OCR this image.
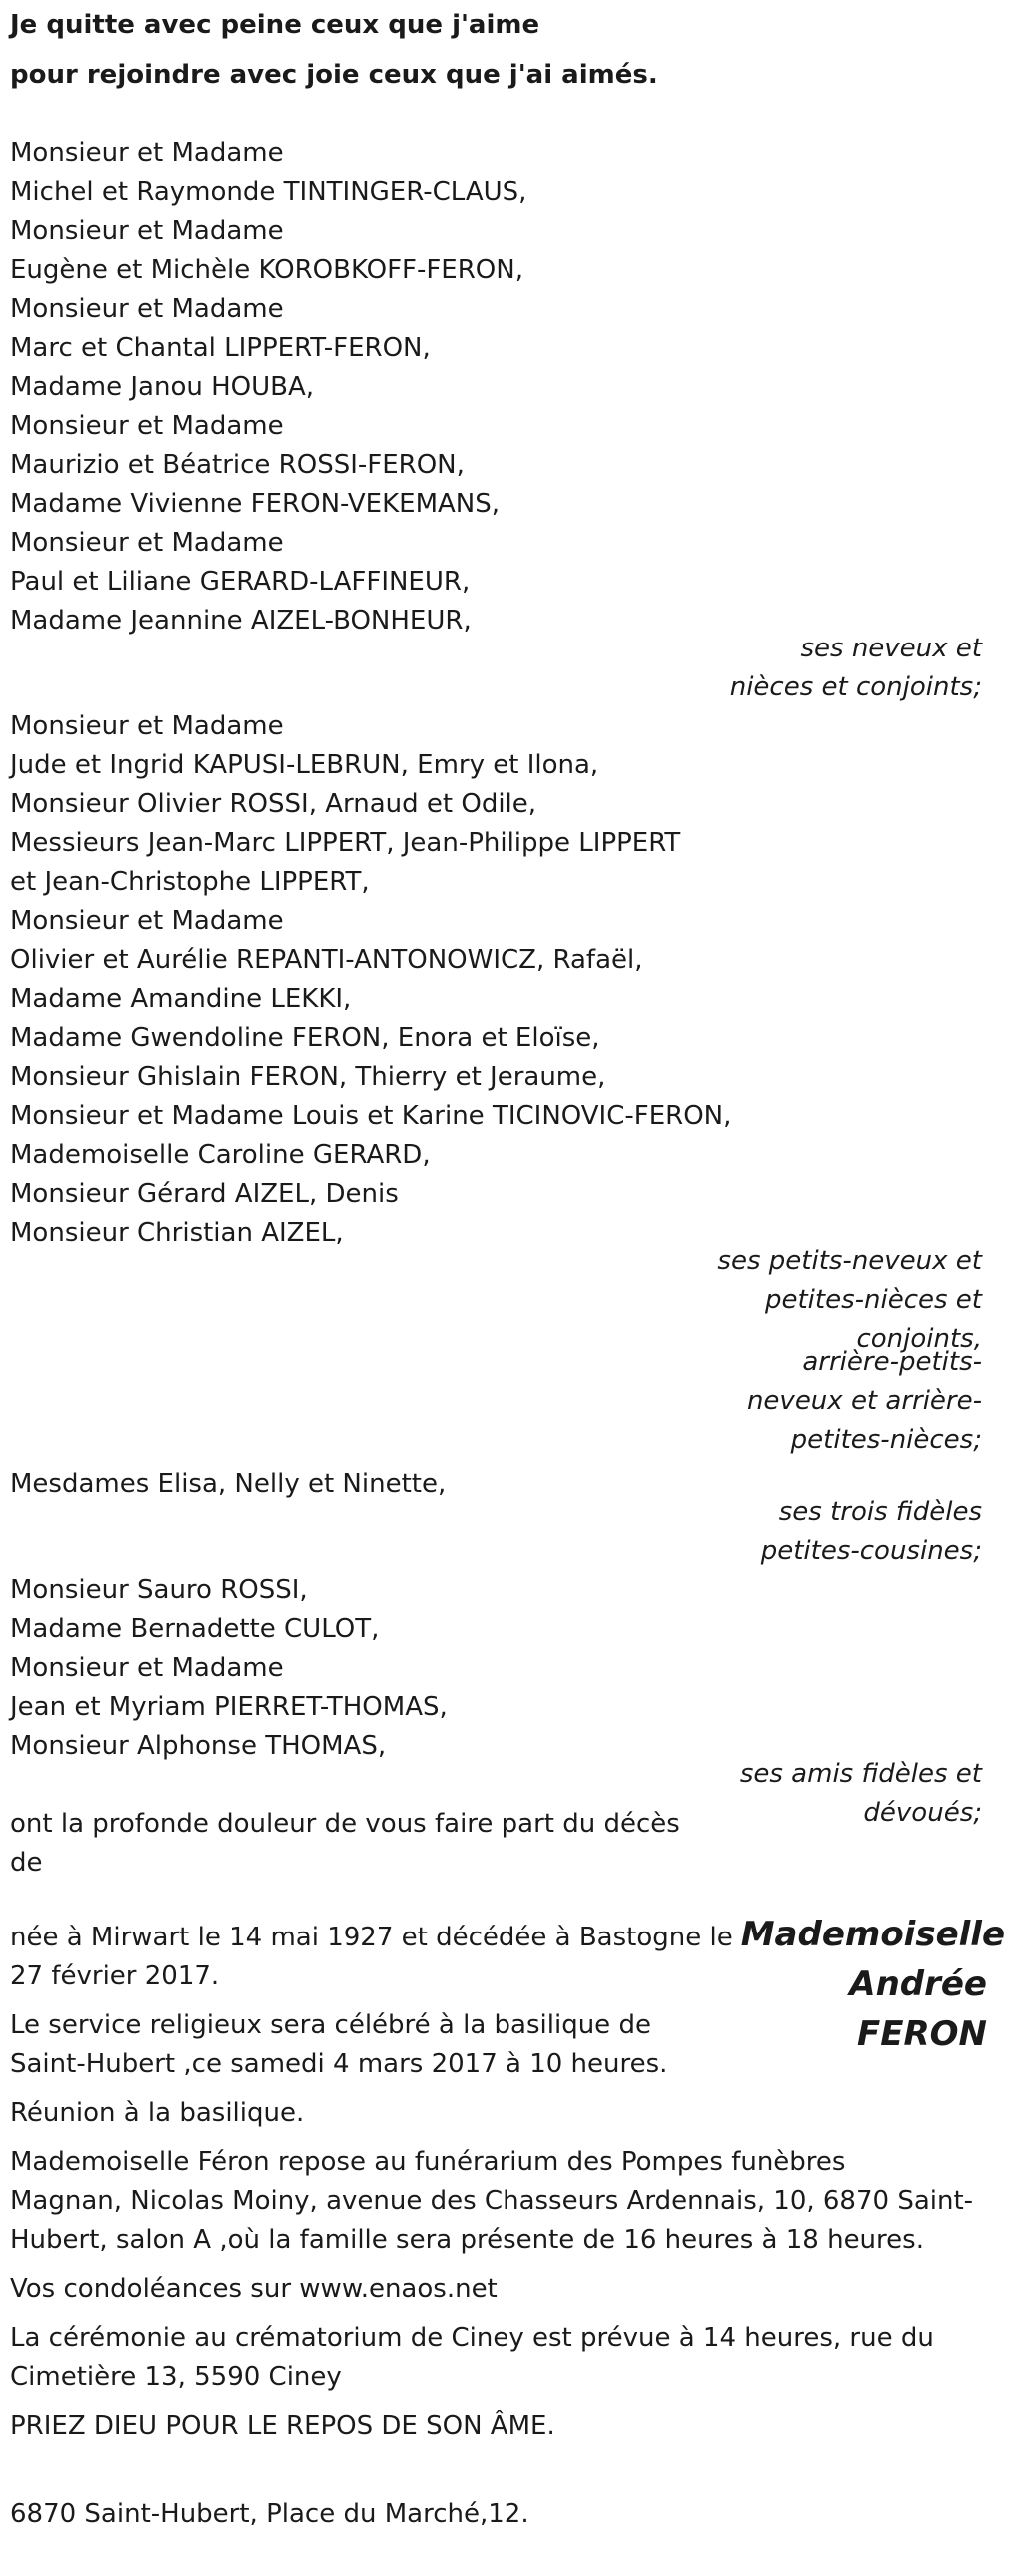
Je quitte avec peine ceux que j'aime
pour rejoindre avec joie ceux que j'ai aimés.
Monsieur et Madame
Michel et Raymonde TINTINGER-CLAUS,
Monsieur et Madame
Eugène et Michèle KOROBKOFF-FERON,
Monsieur et Madame
Marc et Chantal LIPPERT-FERON,
Madame Janou HOUBA,
Monsieur et Madame
Maurizio et Béatrice ROSSI-FERON,
Madame Vivienne FERON-VEKEMANS,
Monsieur et Madame
Paul et Liliane GERARD-LAFFINEUR,
Madame Jeannine AIZEL-BONHEUR,
ses neveux et
nièces et conjoints;
Monsieur et Madame
Jude et Ingrid KAPUSI-LEBRUN, Emry et Ilona,
Monsieur Olivier ROSSI, Arnaud et Odile,
Messieurs Jean-Marc LIPPERT, Jean-Philippe LIPPERT
et Jean-Christophe LIPPERT,
Monsieur et Madame
Olivier et Aurélie REPANTI-ANTONOWICZ, Rafaël,
Madame Amandine LEKKI,
Madame Gwendoline FERON, Enora et Eloïse,
Monsieur Ghislain FERON, Thierry et Jeraume,
Monsieur et Madame Louis et Karine TICINOVIC-FERON,
Mademoiselle Caroline GERARD,
Monsieur Gérard AIZEL, Denis
Monsieur Christian AIZEL,
ses petits-neveux et
petites-nièces et
conjoints,
arrière-petits-
neveux et arrière-
petites-nièces;
Mesdames Elisa, Nelly et Ninette,
ses trois fidèles
petites-cousines;
Monsieur Sauro ROSSI,
Madame Bernadette CULOT,
Monsieur et Madame
Jean et Myriam PIERRET-THOMAS,
Monsieur Alphonse THOMAS,
ses amis fidèles et
dévoués;
ont la profonde douleur de vous faire part du décès
de
Mademoiselle
Andrée
FERON
née à Mirwart le 14 mai 1927 et décédée à Bastogne le
27 février 2017.
Le service religieux sera célébré à la basilique de
Saint-Hubert ,ce samedi 4 mars 2017 à 10 heures.
Réunion à la basilique.
Mademoiselle Féron repose au funérarium des Pompes funèbres
Magnan, Nicolas Moiny, avenue des Chasseurs Ardennais, 10, 6870 Saint-
Hubert, salon A ,où la famille sera présente de 16 heures à 18 heures.
Vos condoléances sur www.enaos.net
La cérémonie au crématorium de Ciney est prévue à 14 heures, rue du
Cimetière 13, 5590 Ciney
PRIEZ DIEU POUR LE REPOS DE SON ÂME.
6870 Saint-Hubert, Place du Marché,12.
